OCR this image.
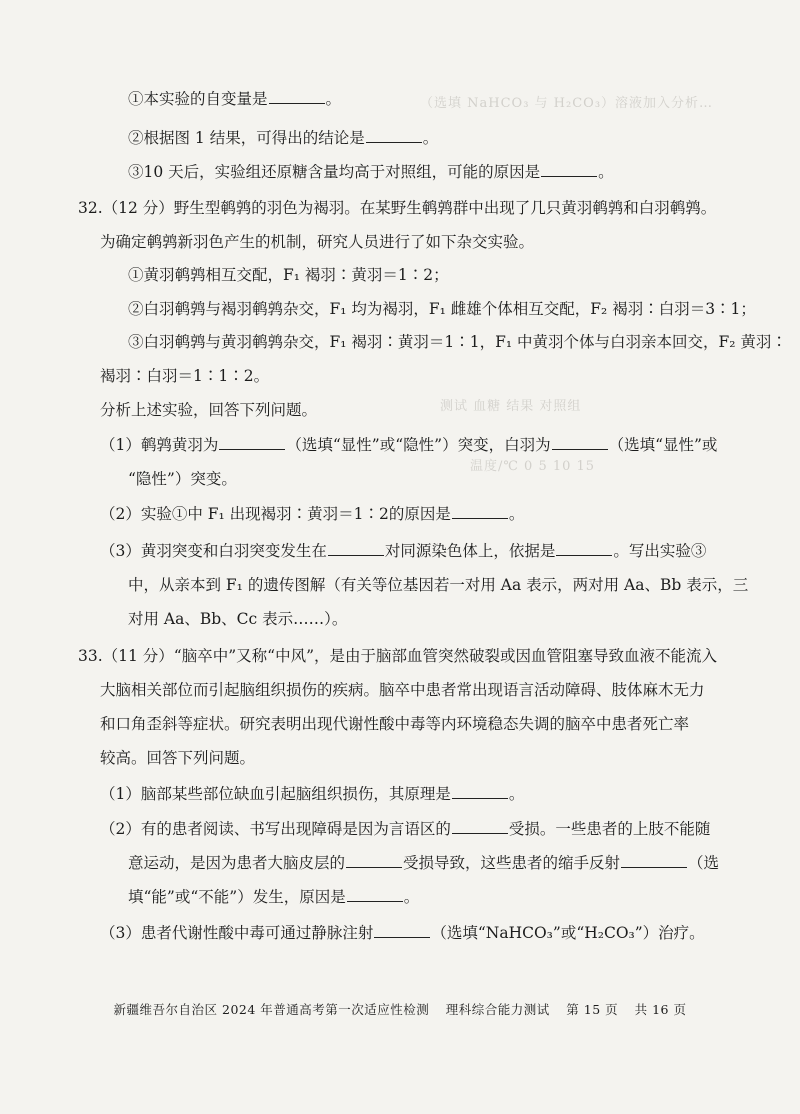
（选填 NaHCO₃ 与 H₂CO₃）溶液加入分析…
测试 血糖 结果 对照组
温度/℃ 0 5 10 15
①本实验的自变量是	。
②根据图 1 结果，可得出的结论是	。
③10 天后，实验组还原糖含量均高于对照组，可能的原因是	。
32.（12 分）野生型鹌鹑的羽色为褐羽。在某野生鹌鹑群中出现了几只黄羽鹌鹑和白羽鹌鹑。
为确定鹌鹑新羽色产生的机制，研究人员进行了如下杂交实验。
①黄羽鹌鹑相互交配，F₁ 褐羽∶黄羽＝1∶2；
②白羽鹌鹑与褐羽鹌鹑杂交，F₁ 均为褐羽，F₁ 雌雄个体相互交配，F₂ 褐羽∶白羽＝3∶1；
③白羽鹌鹑与黄羽鹌鹑杂交，F₁ 褐羽∶黄羽＝1∶1，F₁ 中黄羽个体与白羽亲本回交，F₂ 黄羽∶
褐羽∶白羽＝1∶1∶2。
分析上述实验，回答下列问题。
（1）鹌鹑黄羽为	（选填“显性”或“隐性”）突变，白羽为	（选填“显性”或
“隐性”）突变。
（2）实验①中 F₁ 出现褐羽∶黄羽＝1∶2的原因是	。
（3）黄羽突变和白羽突变发生在	对同源染色体上，依据是	。写出实验③
中，从亲本到 F₁ 的遗传图解（有关等位基因若一对用 Aa 表示，两对用 Aa、Bb 表示，三
对用 Aa、Bb、Cc 表示……）。
33.（11 分）“脑卒中”又称“中风”，是由于脑部血管突然破裂或因血管阻塞导致血液不能流入
大脑相关部位而引起脑组织损伤的疾病。脑卒中患者常出现语言活动障碍、肢体麻木无力
和口角歪斜等症状。研究表明出现代谢性酸中毒等内环境稳态失调的脑卒中患者死亡率
较高。回答下列问题。
（1）脑部某些部位缺血引起脑组织损伤，其原理是	。
（2）有的患者阅读、书写出现障碍是因为言语区的	受损。一些患者的上肢不能随
意运动，是因为患者大脑皮层的	受损导致，这些患者的缩手反射	（选
填“能”或“不能”）发生，原因是	。
（3）患者代谢性酸中毒可通过静脉注射	（选填“NaHCO₃”或“H₂CO₃”）治疗。
新疆维吾尔自治区 2024 年普通高考第一次适应性检测 理科综合能力测试 第 15 页 共 16 页
